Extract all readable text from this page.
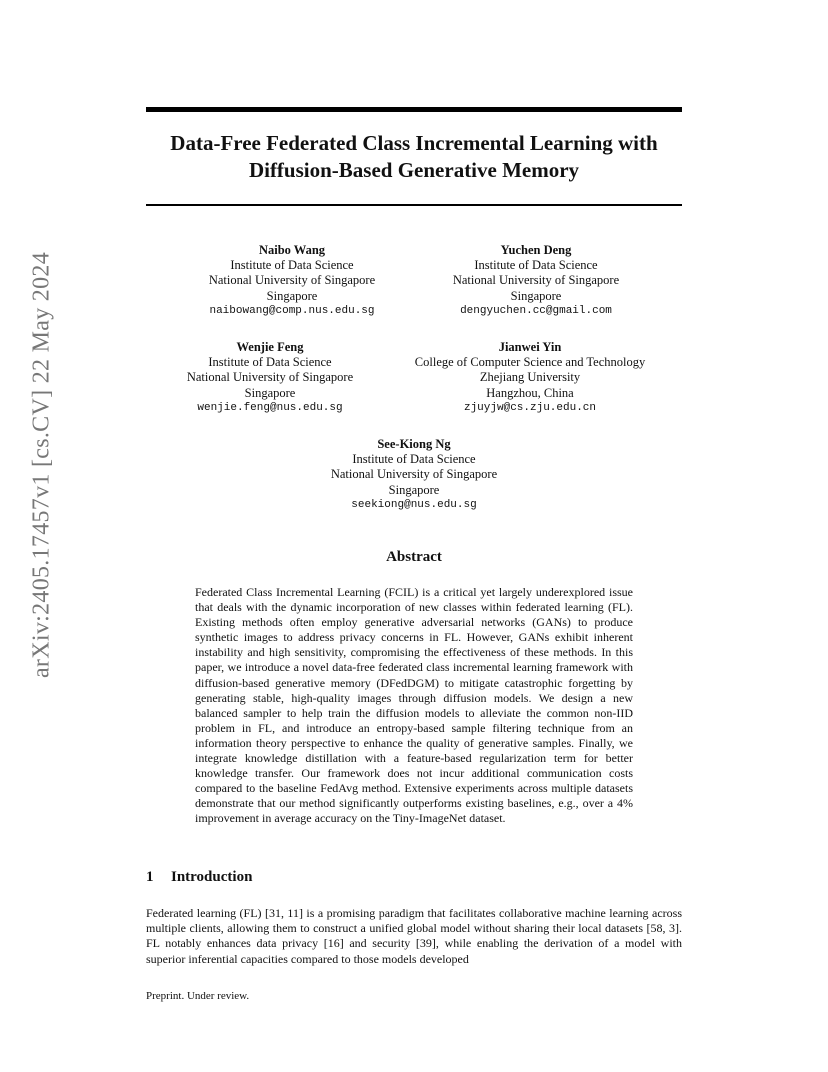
arXiv:2405.17457v1 [cs.CV] 22 May 2024
Data-Free Federated Class Incremental Learning with Diffusion-Based Generative Memory
Naibo Wang
Institute of Data Science
National University of Singapore
Singapore
naibowang@comp.nus.edu.sg
Yuchen Deng
Institute of Data Science
National University of Singapore
Singapore
dengyuchen.cc@gmail.com
Wenjie Feng
Institute of Data Science
National University of Singapore
Singapore
wenjie.feng@nus.edu.sg
Jianwei Yin
College of Computer Science and Technology
Zhejiang University
Hangzhou, China
zjuyjw@cs.zju.edu.cn
See-Kiong Ng
Institute of Data Science
National University of Singapore
Singapore
seekiong@nus.edu.sg
Abstract

Federated Class Incremental Learning (FCIL) is a critical yet largely underexplored issue that deals with the dynamic incorporation of new classes within federated learning (FL). Existing methods often employ generative adversarial networks (GANs) to produce synthetic images to address privacy concerns in FL. However, GANs exhibit inherent instability and high sensitivity, compromising the effectiveness of these methods. In this paper, we introduce a novel data-free federated class incremental learning framework with diffusion-based generative memory (DFedDGM) to mitigate catastrophic forgetting by generating stable, high-quality images through diffusion models. We design a new balanced sampler to help train the diffusion models to alleviate the common non-IID problem in FL, and introduce an entropy-based sample filtering technique from an information theory perspective to enhance the quality of generative samples. Finally, we integrate knowledge distillation with a feature-based regularization term for better knowledge transfer. Our framework does not incur additional communication costs compared to the baseline FedAvg method. Extensive experiments across multiple datasets demonstrate that our method significantly outperforms existing baselines, e.g., over a 4% improvement in average accuracy on the Tiny-ImageNet dataset.

1 Introduction

Federated learning (FL) [31, 11] is a promising paradigm that facilitates collaborative machine learning across multiple clients, allowing them to construct a unified global model without sharing their local datasets [58, 3]. FL notably enhances data privacy [16] and security [39], while enabling the derivation of a model with superior inferential capacities compared to those models developed

Preprint. Under review.
